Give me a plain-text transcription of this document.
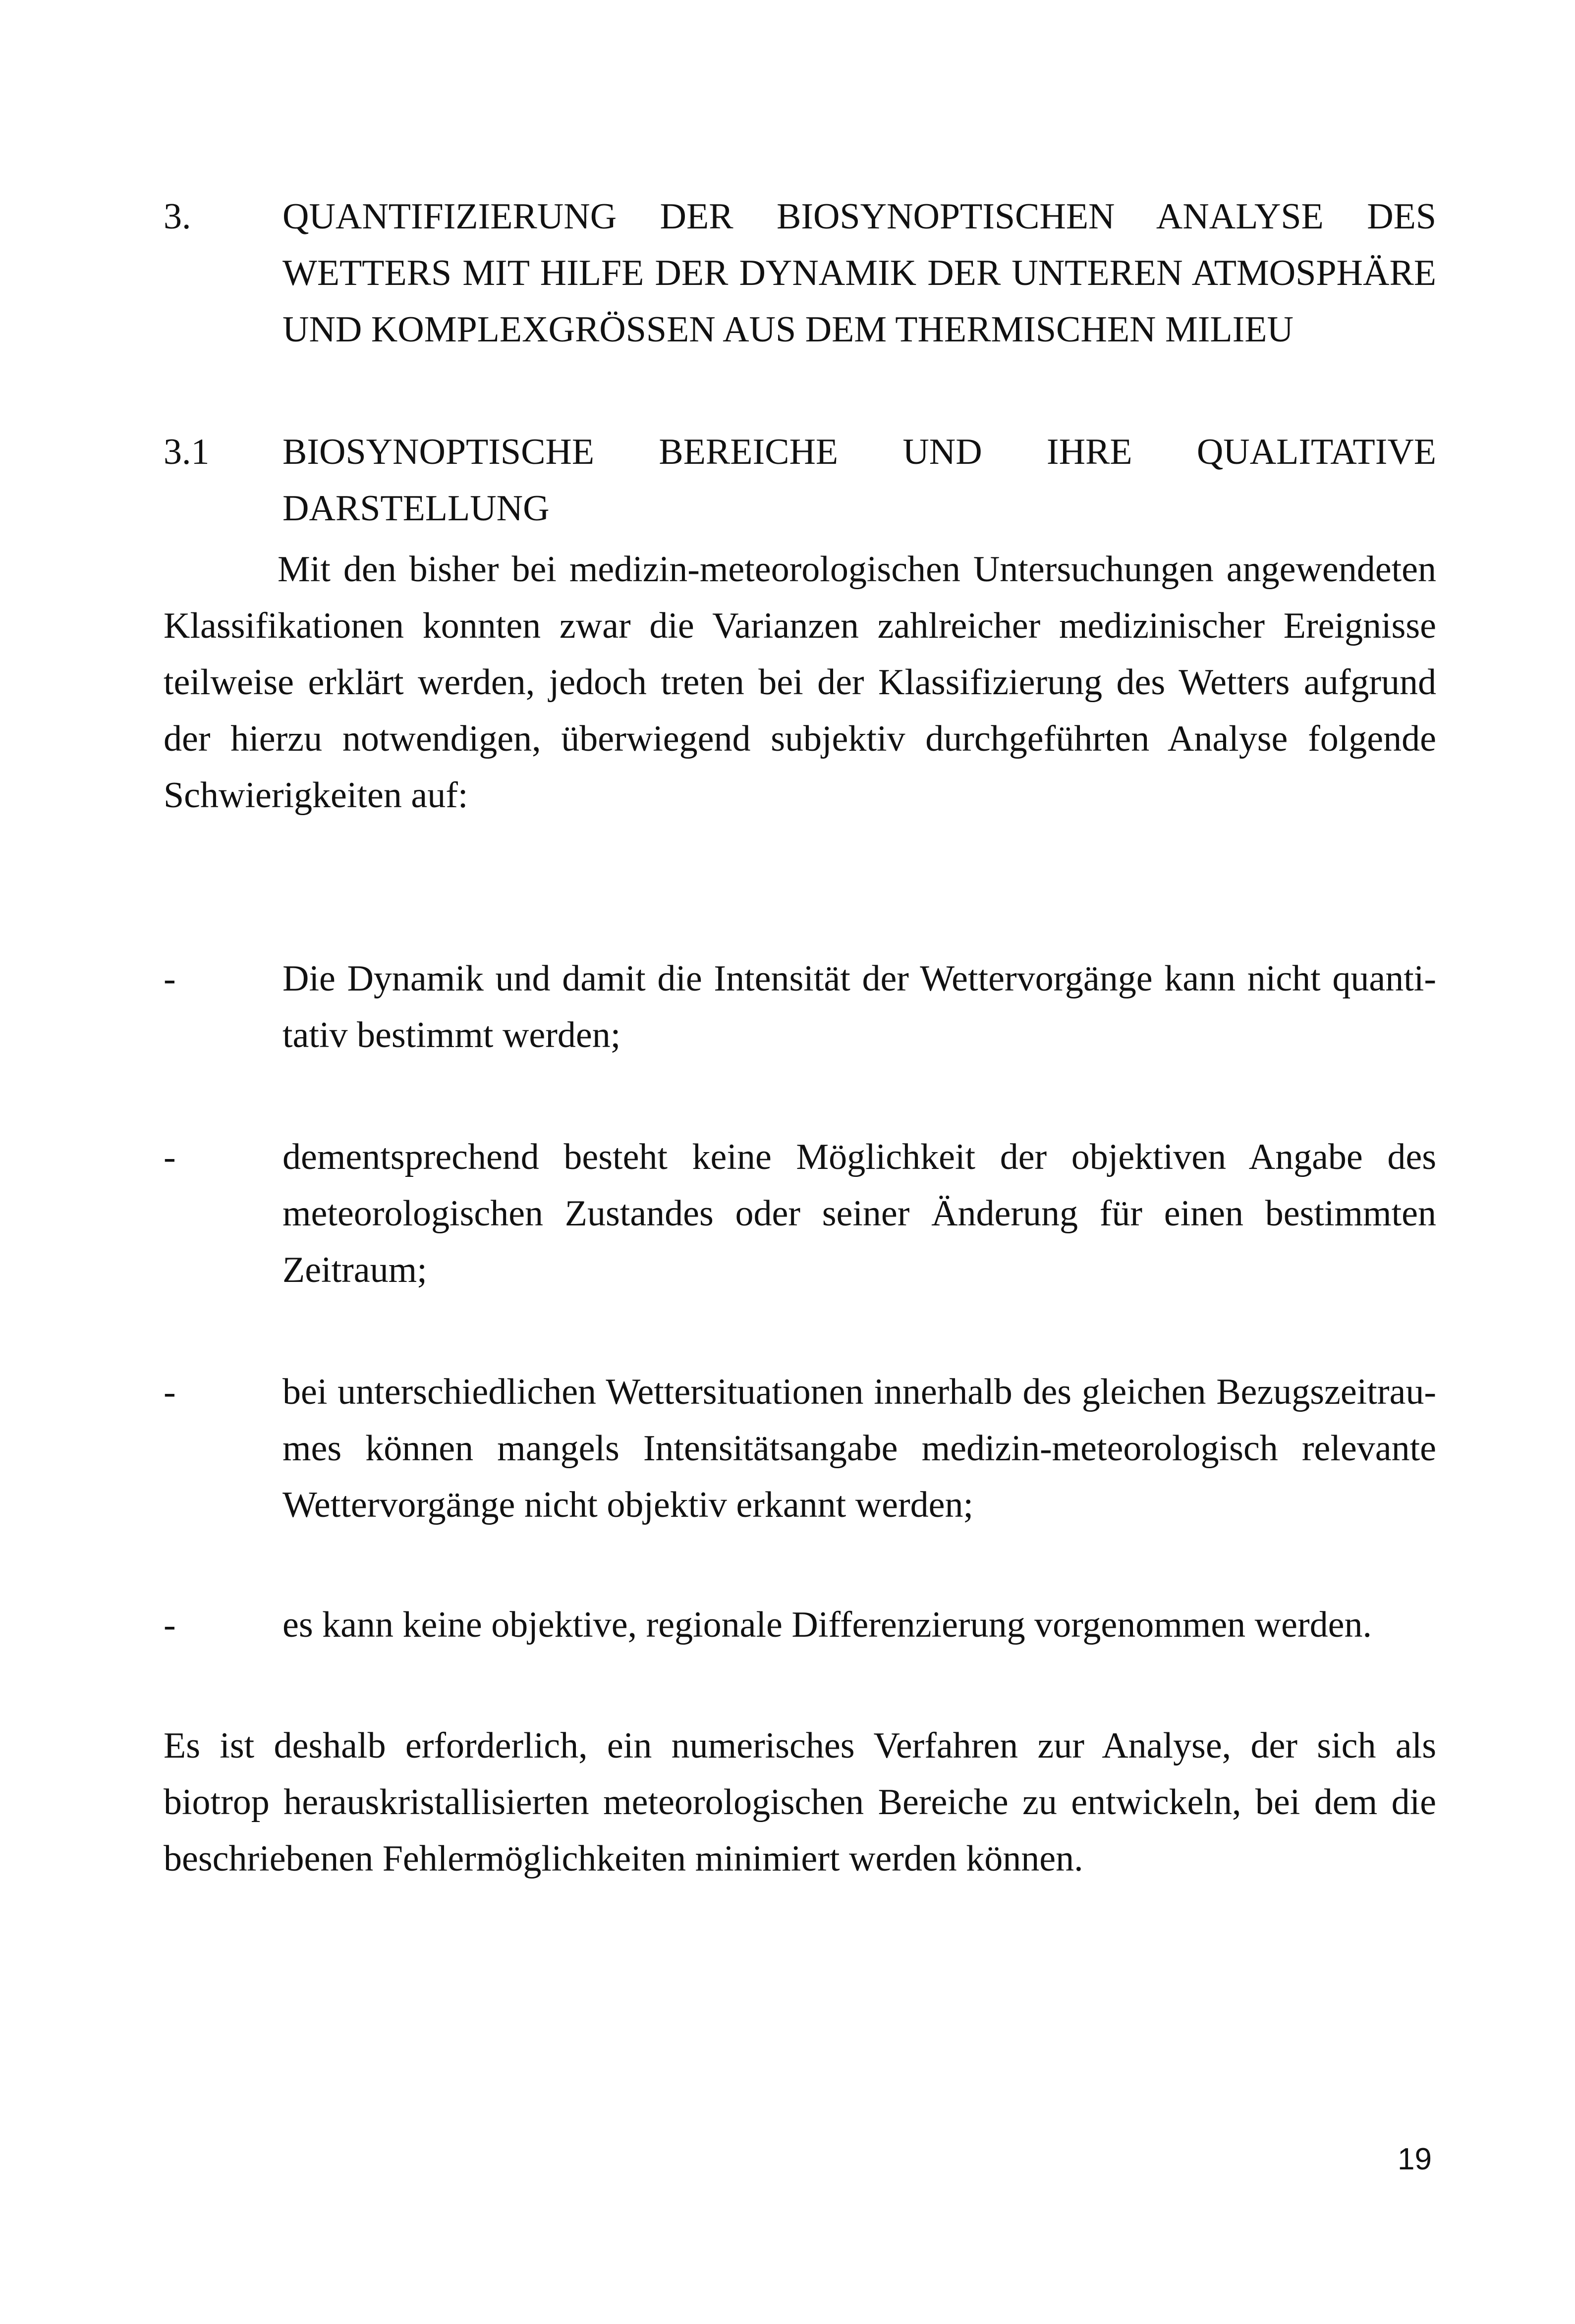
3. QUANTIFIZIERUNG DER BIOSYNOPTISCHEN ANALYSE DES WETTERS MIT HILFE DER DYNAMIK DER UNTEREN ATMOSPHÄRE UND KOMPLEXGRÖSSEN AUS DEM THERMISCHEN MILIEU
3.1 BIOSYNOPTISCHE BEREICHE UND IHRE QUALITATIVE DARSTELLUNG

Mit den bisher bei medizin-meteorologischen Untersuchungen angewendeten Klassifikationen konnten zwar die Varianzen zahlreicher medizinischer Ereignisse teilweise erklärt werden, jedoch treten bei der Klassifizierung des Wetters aufgrund der hierzu notwendigen, überwiegend subjektiv durchgeführten Analyse folgende Schwierigkeiten auf:

-	Die Dynamik und damit die Intensität der Wettervorgänge kann nicht quantitativ bestimmt werden;
-	dementsprechend besteht keine Möglichkeit der objektiven Angabe des meteorologischen Zustandes oder seiner Änderung für einen bestimmten Zeitraum;
-	bei unterschiedlichen Wettersituationen innerhalb des gleichen Bezugszeitraumes können mangels Intensitätsangabe medizin-meteorologisch relevante Wettervorgänge nicht objektiv erkannt werden;
-	es kann keine objektive, regionale Differenzierung vorgenommen werden.

Es ist deshalb erforderlich, ein numerisches Verfahren zur Analyse, der sich als biotrop herauskristallisierten meteorologischen Bereiche zu entwickeln, bei dem die beschriebenen Fehlermöglichkeiten minimiert werden können.

19
